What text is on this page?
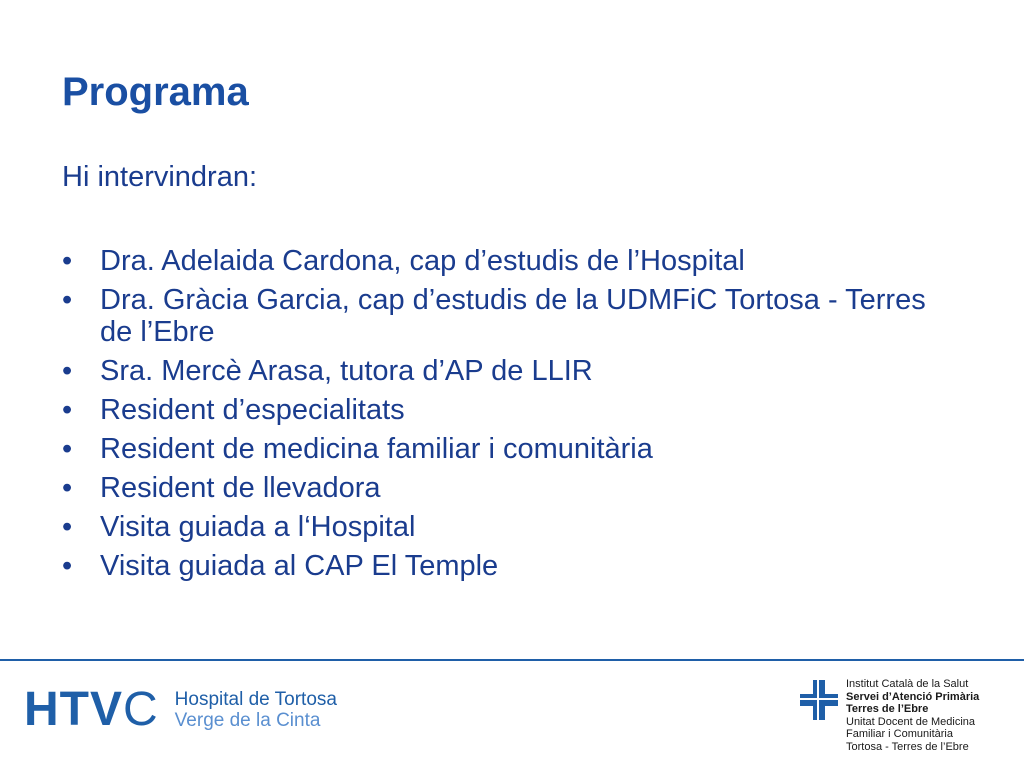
Programa
Hi intervindran:
• Dra. Adelaida Cardona, cap d’estudis de l’Hospital
• Dra. Gràcia Garcia, cap d’estudis de la UDMFiC Tortosa - Terres de l’Ebre
• Sra. Mercè Arasa, tutora d’AP de LLIR
• Resident d’especialitats
• Resident de medicina familiar i comunitària
• Resident de llevadora
• Visita guiada a l‘Hospital
• Visita guiada al CAP El Temple
HTVC Hospital de Tortosa
Verge de la Cinta
Institut Català de la Salut
Servei d’Atenció Primària
Terres de l’Ebre
Unitat Docent de Medicina
Familiar i Comunitària
Tortosa - Terres de l’Ebre
